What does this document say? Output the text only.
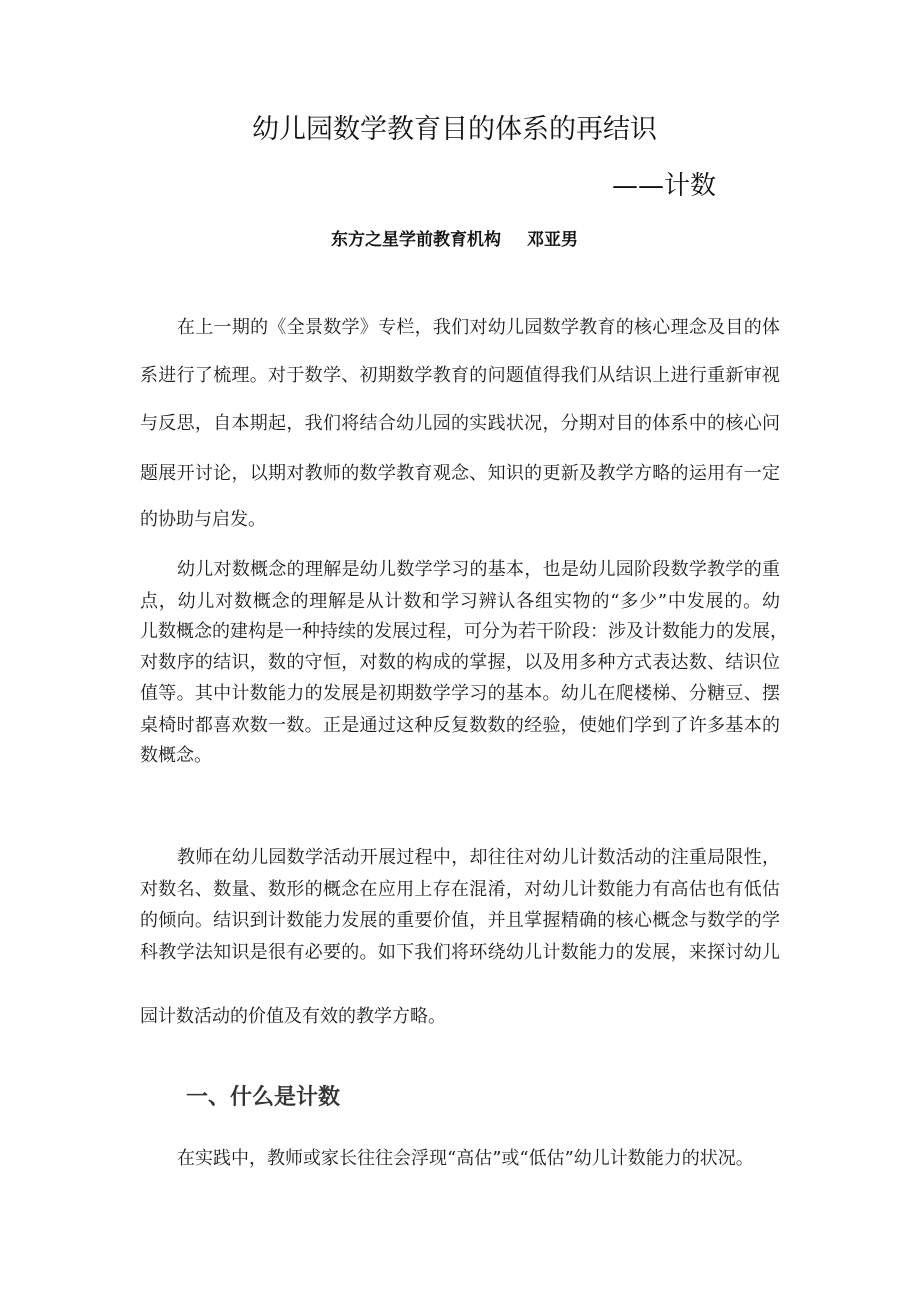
幼儿园数学教育目的体系的再结识
——计数
东方之星学前教育机构 邓亚男
在上一期的《全景数学》专栏，我们对幼儿园数学教育的核心理念及目的体
系进行了梳理。对于数学、初期数学教育的问题值得我们从结识上进行重新审视
与反思，自本期起，我们将结合幼儿园的实践状况，分期对目的体系中的核心问
题展开讨论，以期对教师的数学教育观念、知识的更新及教学方略的运用有一定
的协助与启发。
幼儿对数概念的理解是幼儿数学学习的基本，也是幼儿园阶段数学教学的重
点，幼儿对数概念的理解是从计数和学习辨认各组实物的“多少”中发展的。幼
儿数概念的建构是一种持续的发展过程，可分为若干阶段：涉及计数能力的发展，
对数序的结识，数的守恒，对数的构成的掌握，以及用多种方式表达数、结识位
值等。其中计数能力的发展是初期数学学习的基本。幼儿在爬楼梯、分糖豆、摆
桌椅时都喜欢数一数。正是通过这种反复数数的经验，使她们学到了许多基本的
数概念。
教师在幼儿园数学活动开展过程中，却往往对幼儿计数活动的注重局限性，
对数名、数量、数形的概念在应用上存在混淆，对幼儿计数能力有高估也有低估
的倾向。结识到计数能力发展的重要价值，并且掌握精确的核心概念与数学的学
科教学法知识是很有必要的。如下我们将环绕幼儿计数能力的发展，来探讨幼儿
园计数活动的价值及有效的教学方略。
一、什么是计数
在实践中，教师或家长往往会浮现“高估”或“低估”幼儿计数能力的状况。
